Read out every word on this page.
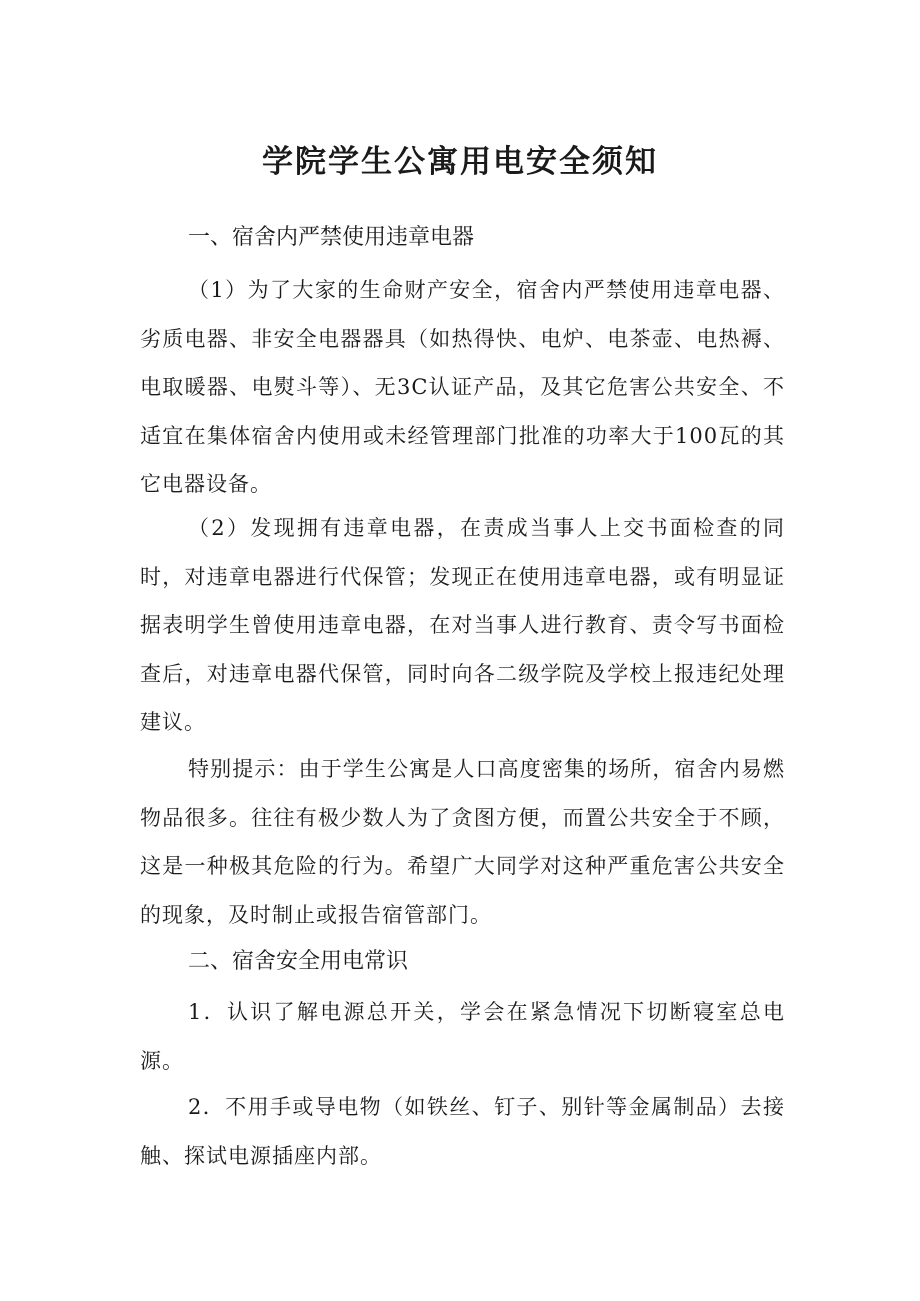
学院学生公寓用电安全须知
一、宿舍内严禁使用违章电器

（1）为了大家的生命财产安全，宿舍内严禁使用违章电器、劣质电器、非安全电器器具（如热得快、电炉、电茶壶、电热褥、电取暖器、电熨斗等）、无3C认证产品，及其它危害公共安全、不适宜在集体宿舍内使用或未经管理部门批准的功率大于100瓦的其它电器设备。

（2）发现拥有违章电器，在责成当事人上交书面检查的同时，对违章电器进行代保管；发现正在使用违章电器，或有明显证据表明学生曾使用违章电器，在对当事人进行教育、责令写书面检查后，对违章电器代保管，同时向各二级学院及学校上报违纪处理建议。

特别提示：由于学生公寓是人口高度密集的场所，宿舍内易燃物品很多。往往有极少数人为了贪图方便，而置公共安全于不顾，这是一种极其危险的行为。希望广大同学对这种严重危害公共安全的现象，及时制止或报告宿管部门。

二、宿舍安全用电常识

1．认识了解电源总开关，学会在紧急情况下切断寝室总电源。

2．不用手或导电物（如铁丝、钉子、别针等金属制品）去接触、探试电源插座内部。
